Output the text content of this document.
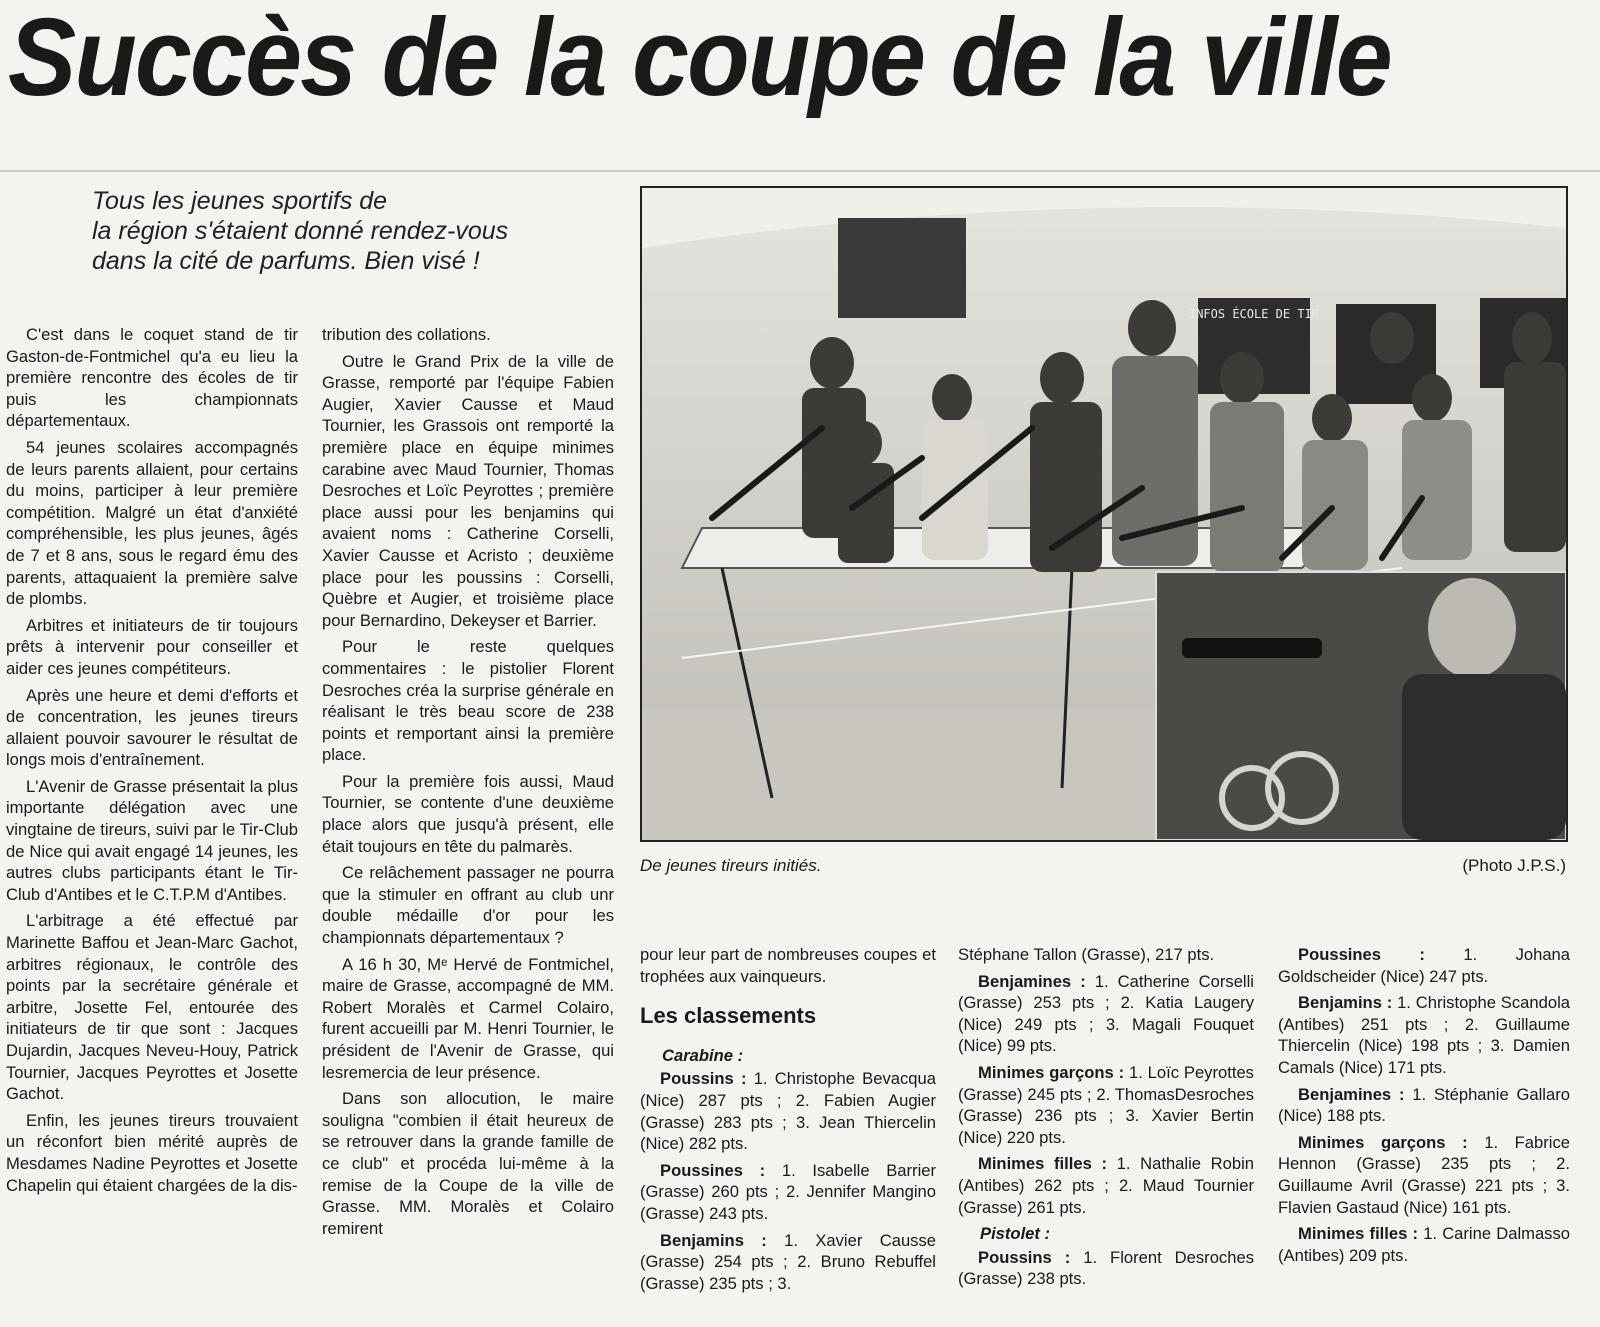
Succès de la coupe de la ville
Tous les jeunes sportifs de
la région s'étaient donné rendez-vous
dans la cité de parfums. Bien visé !

C'est dans le coquet stand de tir Gaston-de-Fontmichel qu'a eu lieu la première rencontre des écoles de tir puis les championnats départementaux.

54 jeunes scolaires accompagnés de leurs parents allaient, pour certains du moins, participer à leur première compétition. Malgré un état d'anxiété compréhensible, les plus jeunes, âgés de 7 et 8 ans, sous le regard ému des parents, attaquaient la première salve de plombs.

Arbitres et initiateurs de tir toujours prêts à intervenir pour conseiller et aider ces jeunes compétiteurs.

Après une heure et demi d'efforts et de concentration, les jeunes tireurs allaient pouvoir savourer le résultat de longs mois d'entraînement.

L'Avenir de Grasse présentait la plus importante délégation avec une vingtaine de tireurs, suivi par le Tir-Club de Nice qui avait engagé 14 jeunes, les autres clubs participants étant le Tir-Club d'Antibes et le C.T.P.M d'Antibes.

L'arbitrage a été effectué par Marinette Baffou et Jean-Marc Gachot, arbitres régionaux, le contrôle des points par la secrétaire générale et arbitre, Josette Fel, entourée des initiateurs de tir que sont : Jacques Dujardin, Jacques Neveu-Houy, Patrick Tournier, Jacques Peyrottes et Josette Gachot.

Enfin, les jeunes tireurs trouvaient un réconfort bien mérité auprès de Mesdames Nadine Peyrottes et Josette Chapelin qui étaient chargées de la dis-

tribution des collations.

Outre le Grand Prix de la ville de Grasse, remporté par l'équipe Fabien Augier, Xavier Causse et Maud Tournier, les Grassois ont remporté la première place en équipe minimes carabine avec Maud Tournier, Thomas Desroches et Loïc Peyrottes ; première place aussi pour les benjamins qui avaient noms : Catherine Corselli, Xavier Causse et Acristo ; deuxième place pour les poussins : Corselli, Quèbre et Augier, et troisième place pour Bernardino, Dekeyser et Barrier.

Pour le reste quelques commentaires : le pistolier Florent Desroches créa la surprise générale en réalisant le très beau score de 238 points et remportant ainsi la première place.

Pour la première fois aussi, Maud Tournier, se contente d'une deuxième place alors que jusqu'à présent, elle était toujours en tête du palmarès.

Ce relâchement passager ne pourra que la stimuler en offrant au club unr double médaille d'or pour les championnats départementaux ?

A 16 h 30, Mᵉ Hervé de Fontmichel, maire de Grasse, accompagné de MM. Robert Moralès et Carmel Colairo, furent accueilli par M. Henri Tournier, le président de l'Avenir de Grasse, qui lesremercia de leur présence.

Dans son allocution, le maire souligna "combien il était heureux de se retrouver dans la grande famille de ce club" et procéda lui-même à la remise de la Coupe de la ville de Grasse. MM. Moralès et Colairo remirent

INFOS ÉCOLE DE TIR
De jeunes tireurs initiés.	(Photo J.P.S.)

pour leur part de nombreuses coupes et trophées aux vainqueurs.

Les classements
Carabine :

Poussins : 1. Christophe Bevacqua (Nice) 287 pts ; 2. Fabien Augier (Grasse) 283 pts ; 3. Jean Thiercelin (Nice) 282 pts.

Poussines : 1. Isabelle Barrier (Grasse) 260 pts ; 2. Jennifer Mangino (Grasse) 243 pts.

Benjamins : 1. Xavier Causse (Grasse) 254 pts ; 2. Bruno Rebuffel (Grasse) 235 pts ; 3.

Stéphane Tallon (Grasse), 217 pts.

Benjamines : 1. Catherine Corselli (Grasse) 253 pts ; 2. Katia Laugery (Nice) 249 pts ; 3. Magali Fouquet (Nice) 99 pts.

Minimes garçons : 1. Loïc Peyrottes (Grasse) 245 pts ; 2. ThomasDesroches (Grasse) 236 pts ; 3. Xavier Bertin (Nice) 220 pts.

Minimes filles : 1. Nathalie Robin (Antibes) 262 pts ; 2. Maud Tournier (Grasse) 261 pts.

Pistolet :

Poussins : 1. Florent Desroches (Grasse) 238 pts.

Poussines : 1. Johana Goldscheider (Nice) 247 pts.

Benjamins : 1. Christophe Scandola (Antibes) 251 pts ; 2. Guillaume Thiercelin (Nice) 198 pts ; 3. Damien Camals (Nice) 171 pts.

Benjamines : 1. Stéphanie Gallaro (Nice) 188 pts.

Minimes garçons : 1. Fabrice Hennon (Grasse) 235 pts ; 2. Guillaume Avril (Grasse) 221 pts ; 3. Flavien Gastaud (Nice) 161 pts.

Minimes filles : 1. Carine Dalmasso (Antibes) 209 pts.
